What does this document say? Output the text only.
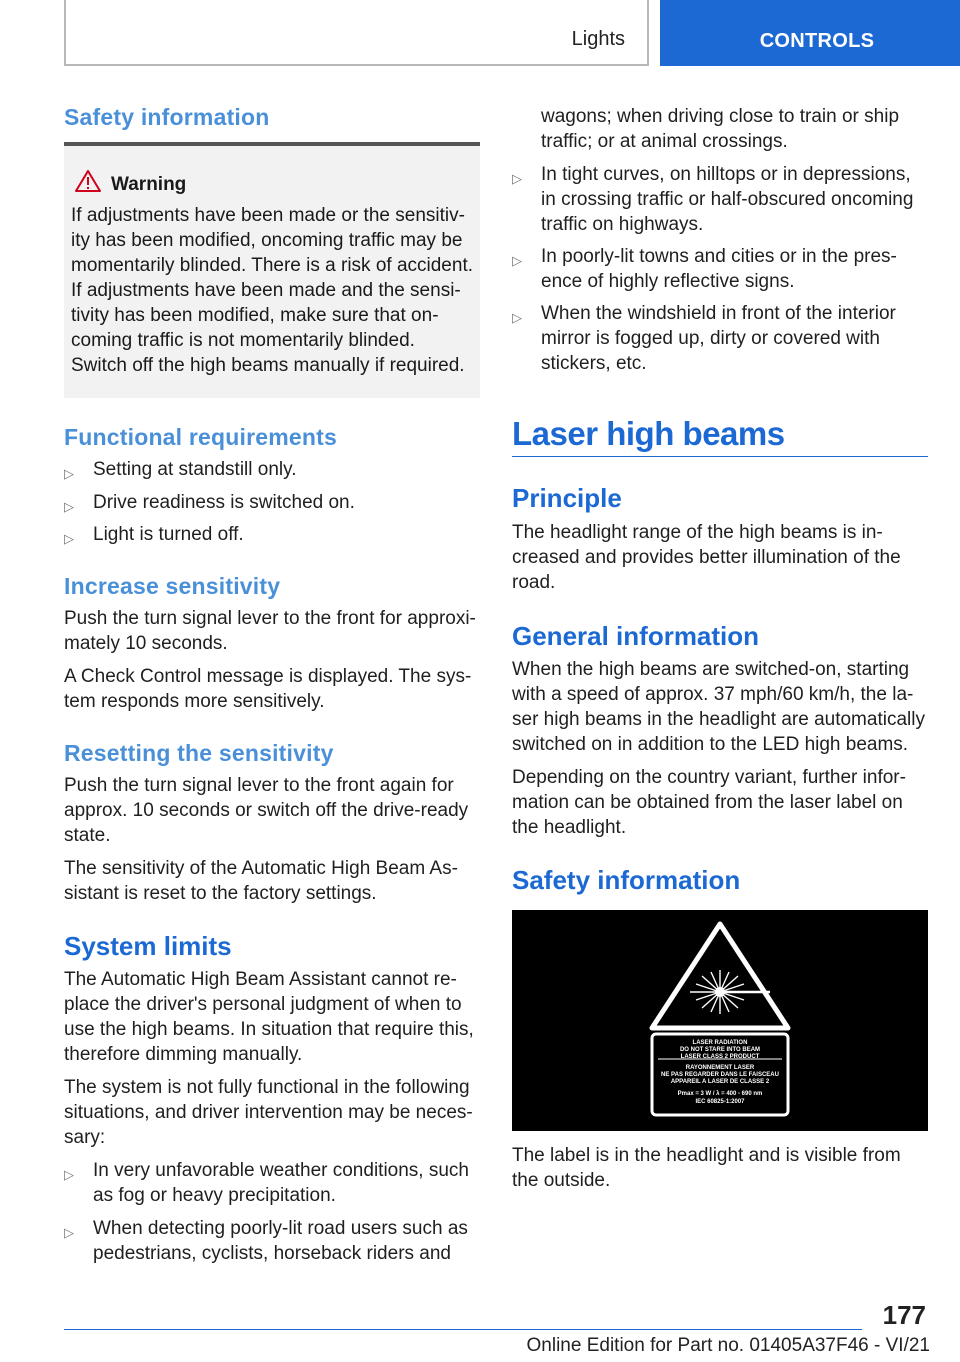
Lights	CONTROLS
Safety information
Warning
If adjustments have been made or the sensitiv-
ity has been modified, oncoming traffic may be
momentarily blinded. There is a risk of accident.
If adjustments have been made and the sensi-
tivity has been modified, make sure that on-
coming traffic is not momentarily blinded.
Switch off the high beams manually if required.
Functional requirements
▷ Setting at standstill only.
▷ Drive readiness is switched on.
▷ Light is turned off.
Increase sensitivity
Push the turn signal lever to the front for approxi-
mately 10 seconds.
A Check Control message is displayed. The sys-
tem responds more sensitively.
Resetting the sensitivity
Push the turn signal lever to the front again for
approx. 10 seconds or switch off the drive-ready
state.
The sensitivity of the Automatic High Beam As-
sistant is reset to the factory settings.
System limits
The Automatic High Beam Assistant cannot re-
place the driver's personal judgment of when to
use the high beams. In situation that require this,
therefore dimming manually.
The system is not fully functional in the following
situations, and driver intervention may be neces-
sary:
▷ In very unfavorable weather conditions, such
as fog or heavy precipitation.
▷ When detecting poorly-lit road users such as
pedestrians, cyclists, horseback riders and
wagons; when driving close to train or ship
traffic; or at animal crossings.
▷ In tight curves, on hilltops or in depressions,
in crossing traffic or half-obscured oncoming
traffic on highways.
▷ In poorly-lit towns and cities or in the pres-
ence of highly reflective signs.
▷ When the windshield in front of the interior
mirror is fogged up, dirty or covered with
stickers, etc.
Laser high beams
Principle
The headlight range of the high beams is in-
creased and provides better illumination of the
road.
General information
When the high beams are switched-on, starting
with a speed of approx. 37 mph/60 km/h, the la-
ser high beams in the headlight are automatically
switched on in addition to the LED high beams.
Depending on the country variant, further infor-
mation can be obtained from the laser label on
the headlight.
Safety information
LASER RADIATION
DO NOT STARE INTO BEAM
LASER CLASS 2 PRODUCT
RAYONNEMENT LASER
NE PAS REGARDER DANS LE FAISCEAU
APPAREIL A LASER DE CLASSE 2
Pmax = 3 W / λ = 400 - 690 nm
IEC 60825-1:2007
The label is in the headlight and is visible from
the outside.
177
Online Edition for Part no. 01405A37F46 - VI/21
